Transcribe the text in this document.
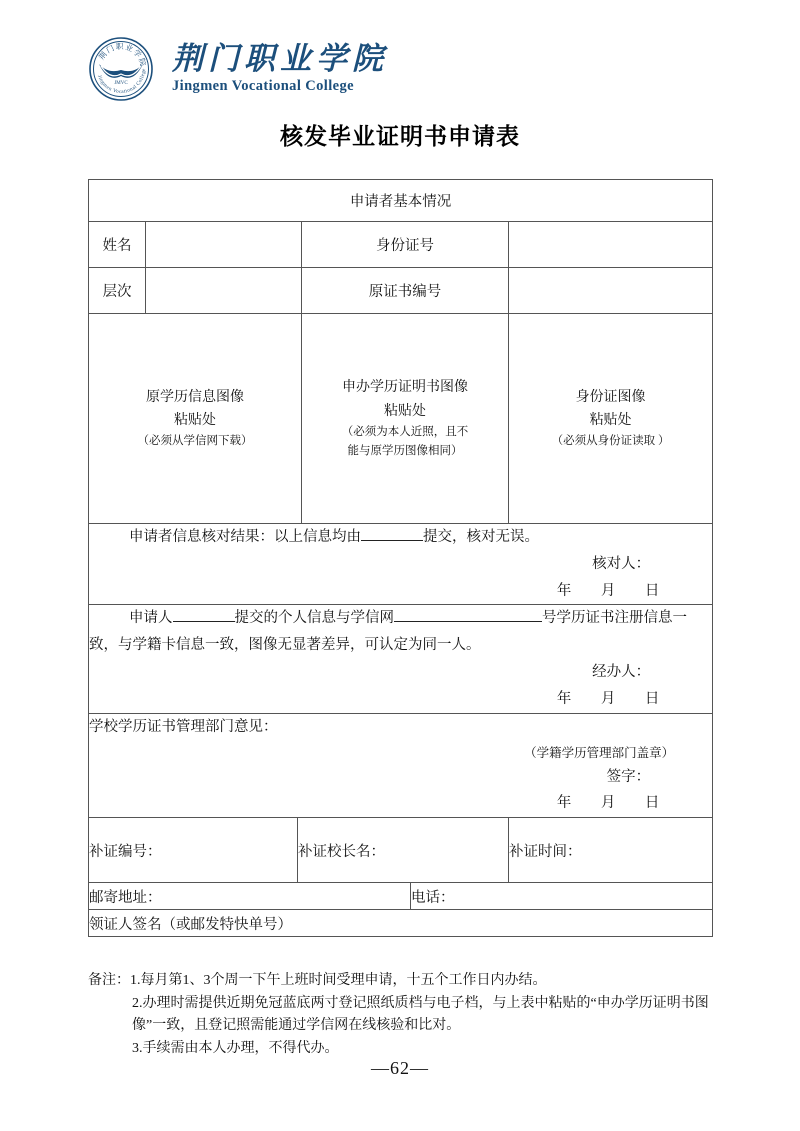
JMVC
荆门职业学院
Jingmen Vocational College 荆门职业学院
Jingmen Vocational College
核发毕业证明书申请表
申请者基本情况					
姓名			身份证号		
层次			原证书编号		

原学历信息图像
粘贴处
（必须从学信网下载）

申办学历证明书图像
粘贴处
（必须为本人近照，且不
能与原学历图像相同）

身份证图像
粘贴处
（必须从身份证读取 ）

申请者信息核对结果：以上信息均由 提交，核对无误。
核对人：
年 月 日					

申请人 提交的个人信息与学信网 号学历证书注册信息一致，与学籍卡信息一致，图像无显著差异，可认定为同一人。
经办人：
年 月 日					

学校学历证书管理部门意见：
（学籍学历管理部门盖章）
签字：
年 月 日					

补证编号：		补证校长名：			补证时间：
邮寄地址：				电话：	
领证人签名（或邮发特快单号）					
备注： 1.每月第1、3个周一下午上班时间受理申请，十五个工作日内办结。
2.办理时需提供近期免冠蓝底两寸登记照纸质档与电子档，与上表中粘贴的“申办学历证明书图像”一致，且登记照需能通过学信网在线核验和比对。
3.手续需由本人办理，不得代办。
—62—
